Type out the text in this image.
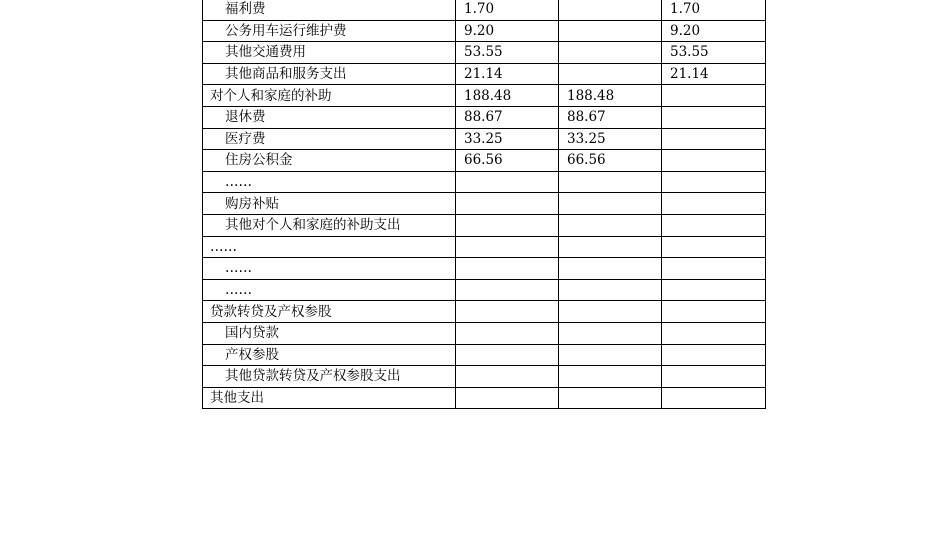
福利费	1.70		1.70
公务用车运行维护费	9.20		9.20
其他交通费用	53.55		53.55
其他商品和服务支出	21.14		21.14
对个人和家庭的补助	188.48	188.48	
退休费	88.67	88.67	
医疗费	33.25	33.25	
住房公积金	66.56	66.56	
……			
购房补贴			
其他对个人和家庭的补助支出			
……			
……			
……			
贷款转贷及产权参股			
国内贷款			
产权参股			
其他贷款转贷及产权参股支出			
其他支出			
